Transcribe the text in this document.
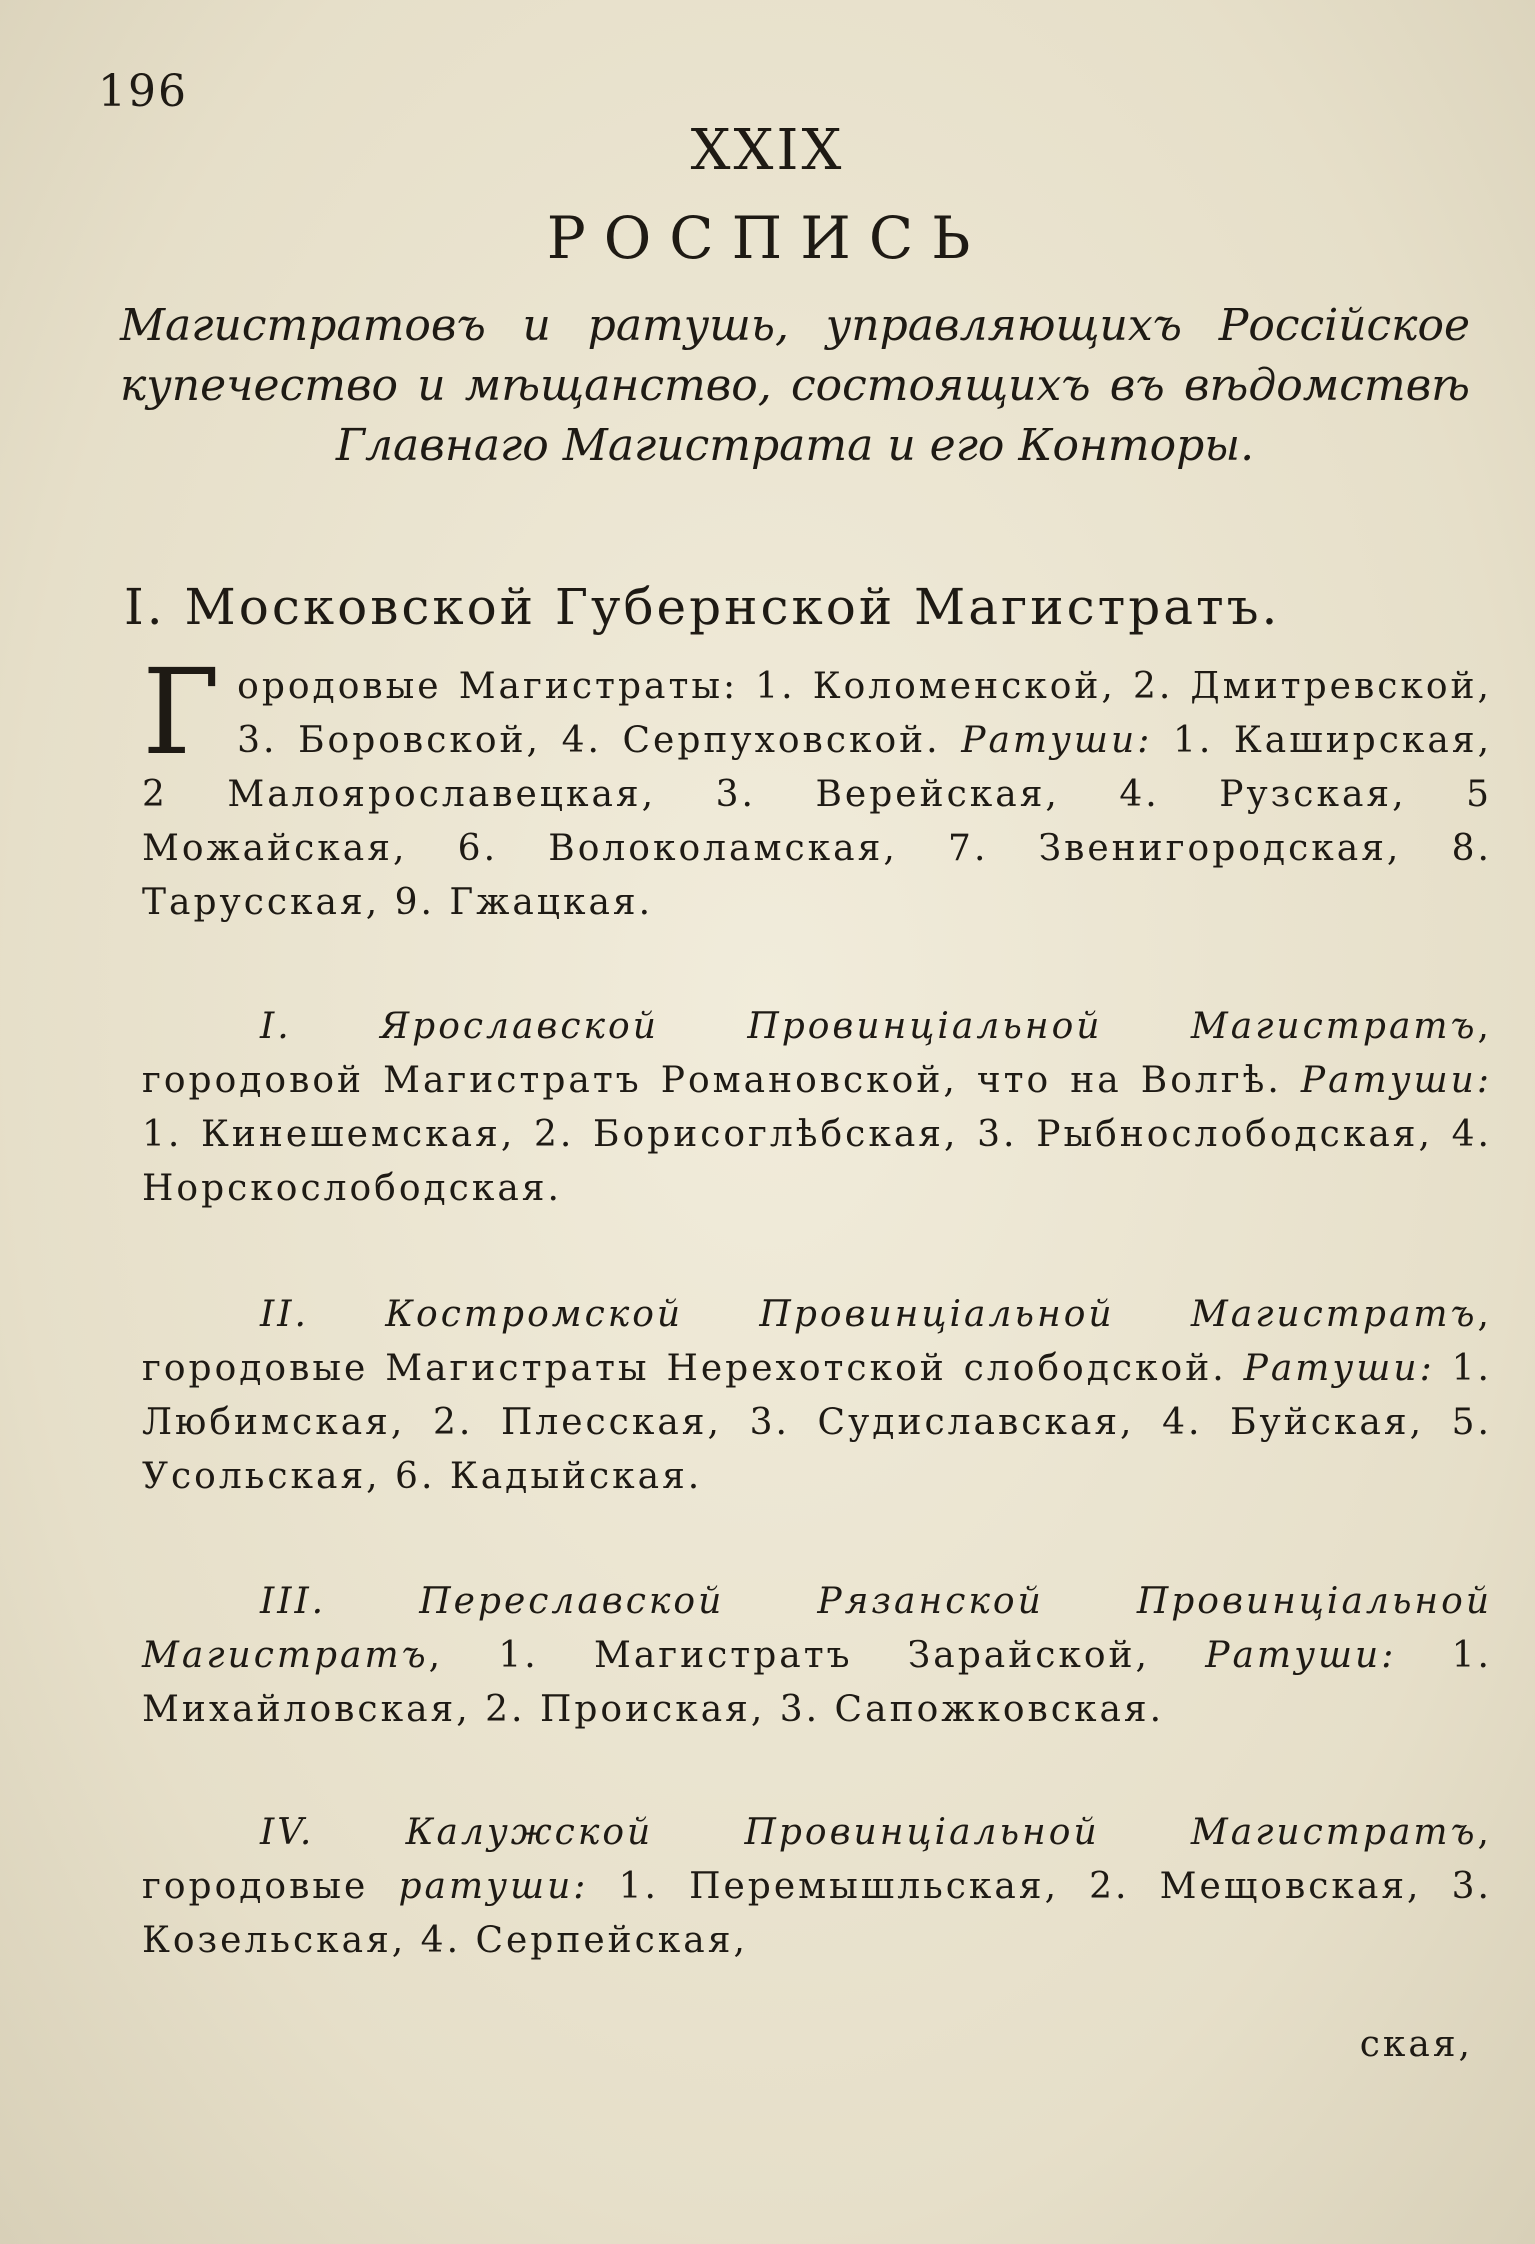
196
XXIX
РОСПИСЬ
Магистратовъ и ратушь, управляющихъ Россійское купечество и мѣщанство, состоящихъ въ вѣдомствѣ Главнаго Магистрата и его Конторы.
I. Московской Губернской Магистратъ.
Г ородовые Магистраты: 1. Коломенской, 2. Дмитревской, 3. Боровской, 4. Серпуховской. Ратуши: 1. Каширская, 2 Малоярославецкая, 3. Верейская, 4. Рузская, 5 Можайская, 6. Волоколамская, 7. Звенигородская, 8. Тарусская, 9. Гжацкая.
I. Ярославской Провинціальной Магистратъ, городовой Магистратъ Романовской, что на Волгѣ. Ратуши: 1. Кинешемская, 2. Борисоглѣбская, 3. Рыбнослободская, 4. Норскослободская.
II. Костромской Провинціальной Магистратъ, городовые Магистраты Нерехотской слободской. Ратуши: 1. Любимская, 2. Плесская, 3. Судиславская, 4. Буйская, 5. Усольская, 6. Кадыйская.
III. Переславской Рязанской Провинціальной Магистратъ, 1. Магистратъ Зарайской, Ратуши: 1. Михайловская, 2. Проиская, 3. Сапожковская.
IV. Калужской Провинціальной Магистратъ, городовые ратуши: 1. Перемышльская, 2. Мещовская, 3. Козельская, 4. Серпейская,
ская,
